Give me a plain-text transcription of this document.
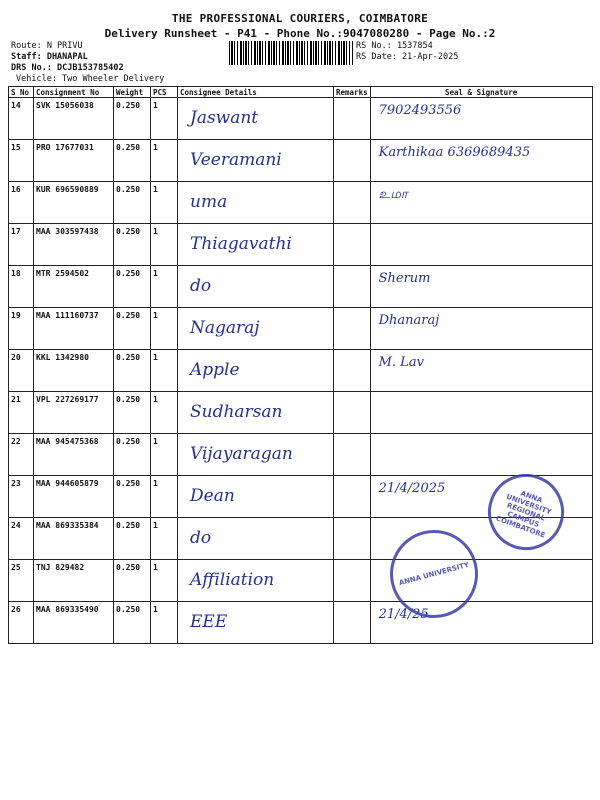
THE PROFESSIONAL COURIERS, COIMBATORE
Delivery Runsheet - P41 - Phone No.:9047080280 - Page No.:2
Route: N PRIVU
Staff: DHANAPAL
DRS No.: DCJB153785402
Vehicle: Two Wheeler Delivery
RS No.: 1537854
RS Date: 21-Apr-2025
S No	Consignment No	Weight	PCS	Consignee Details	Remarks	Seal & Signature
14	SVK 15056038	0.250	1	Jaswant		7902493556

15	PRO 17677031	0.250	1	Veeramani		Karthikaa 6369689435

16	KUR 696590889	0.250	1	uma		உமா

17	MAA 303597438	0.250	1	Thiagavathi		

18	MTR 2594502	0.250	1	do		Sherum

19	MAA 111160737	0.250	1	Nagaraj		Dhanaraj

20	KKL 1342980	0.250	1	Apple		M. Lav

21	VPL 227269177	0.250	1	Sudharsan		

22	MAA 945475368	0.250	1	Vijayaragan		

23	MAA 944605879	0.250	1	Dean		21/4/2025

24	MAA 869335384	0.250	1	do		

25	TNJ 829482	0.250	1	Affiliation		

26	MAA 869335490	0.250	1	EEE		21/4/25
ANNA UNIVERSITY REGIONAL CAMPUS COIMBATORE
ANNA UNIVERSITY
